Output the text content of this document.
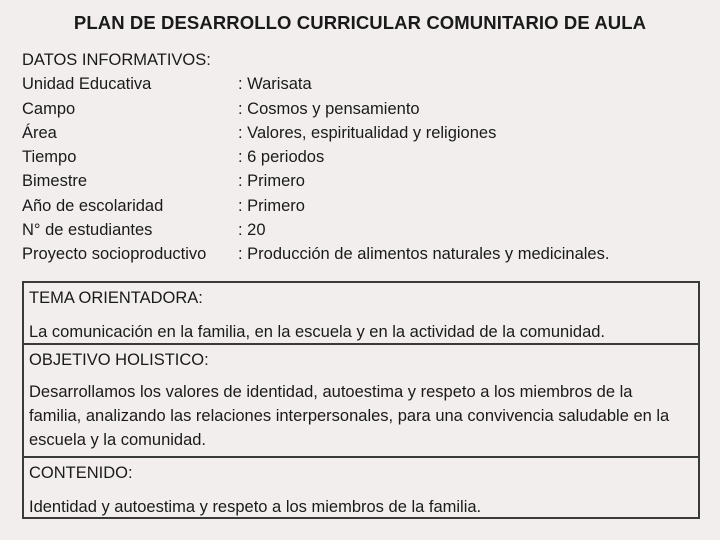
PLAN DE DESARROLLO CURRICULAR COMUNITARIO DE AULA
DATOS INFORMATIVOS:
Unidad Educativa	: Warisata
Campo	: Cosmos y pensamiento
Área	: Valores, espiritualidad y religiones
Tiempo	: 6 periodos
Bimestre	: Primero
Año de escolaridad	: Primero
N° de estudiantes	: 20
Proyecto socioproductivo	: Producción de alimentos naturales y medicinales.
TEMA ORIENTADORA:
La comunicación en la familia, en la escuela y en la actividad de la comunidad.
OBJETIVO HOLISTICO:
Desarrollamos los valores de identidad, autoestima y respeto a los miembros de la familia, analizando las relaciones interpersonales, para una convivencia saludable en la escuela y la comunidad.
CONTENIDO:
Identidad y autoestima y respeto a los miembros de la familia.
